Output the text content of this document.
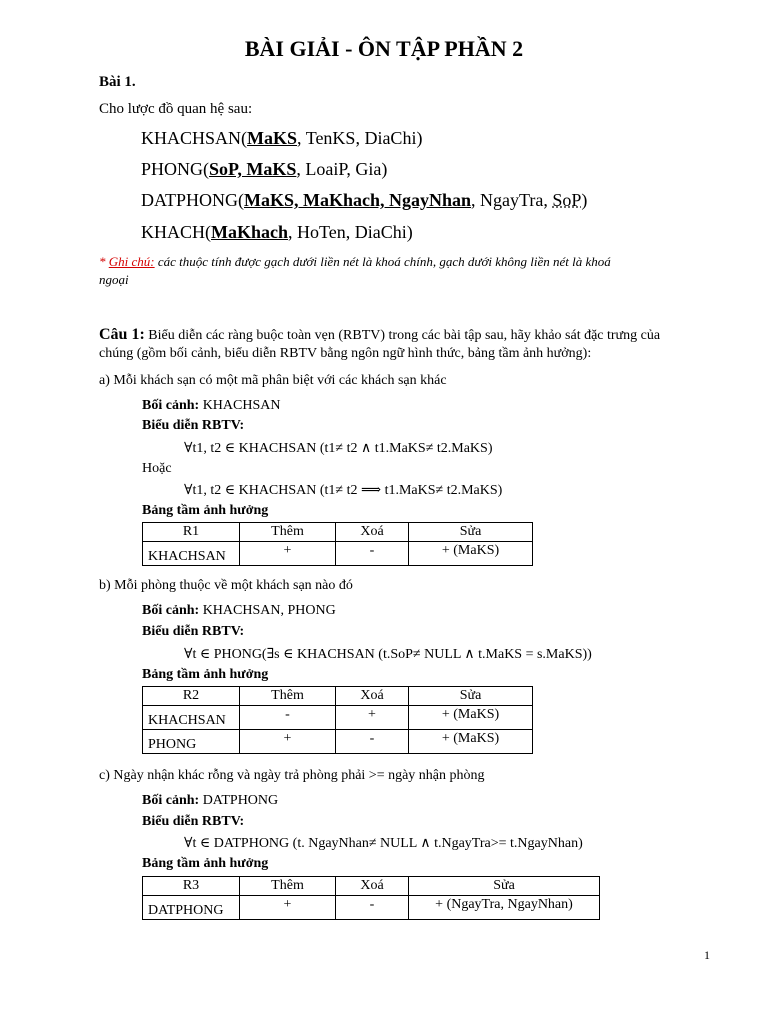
BÀI GIẢI - ÔN TẬP PHẦN 2
Bài 1.
Cho lược đồ quan hệ sau:
KHACHSAN(MaKS, TenKS, DiaChi)
PHONG(SoP, MaKS, LoaiP, Gia)
DATPHONG(MaKS, MaKhach, NgayNhan, NgayTra, SoP)
KHACH(MaKhach, HoTen, DiaChi)
* Ghi chú: các thuộc tính được gạch dưới liền nét là khoá chính, gạch dưới không liền nét là khoá
ngoại
Câu 1: Biểu diễn các ràng buộc toàn vẹn (RBTV) trong các bài tập sau, hãy khảo sát đặc trưng của
chúng (gồm bối cảnh, biểu diễn RBTV bằng ngôn ngữ hình thức, bảng tầm ảnh hưởng):
a) Mỗi khách sạn có một mã phân biệt với các khách sạn khác
Bối cảnh: KHACHSAN
Biểu diễn RBTV:
∀t1, t2 ∈ KHACHSAN (t1≠ t2 ∧ t1.MaKS≠ t2.MaKS)
Hoặc
∀t1, t2 ∈ KHACHSAN (t1≠ t2 ⟹ t1.MaKS≠ t2.MaKS)
Bảng tầm ảnh hưởng
R1	Thêm	Xoá	Sửa
KHACHSAN	+	-	+ (MaKS)
b) Mỗi phòng thuộc về một khách sạn nào đó
Bối cảnh: KHACHSAN, PHONG
Biểu diễn RBTV:
∀t ∈ PHONG(∃s ∈ KHACHSAN (t.SoP≠ NULL ∧ t.MaKS = s.MaKS))
Bảng tầm ảnh hưởng
R2	Thêm	Xoá	Sửa
KHACHSAN	-	+	+ (MaKS)
PHONG	+	-	+ (MaKS)
c) Ngày nhận khác rỗng và ngày trả phòng phải >= ngày nhận phòng
Bối cảnh: DATPHONG
Biểu diễn RBTV:
∀t ∈ DATPHONG (t. NgayNhan≠ NULL ∧ t.NgayTra>= t.NgayNhan)
Bảng tầm ảnh hưởng
R3	Thêm	Xoá	Sửa
DATPHONG	+	-	+ (NgayTra, NgayNhan)
1
